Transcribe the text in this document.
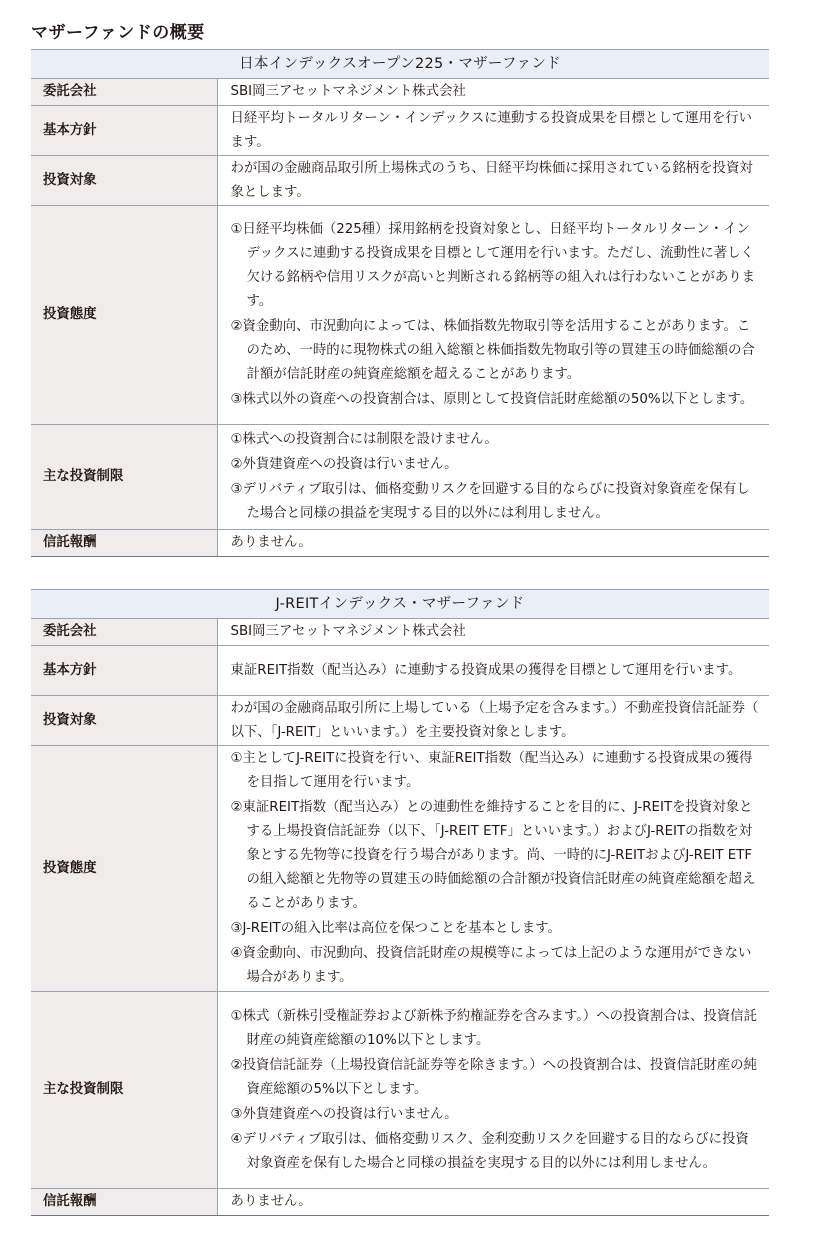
マザーファンドの概要
日本インデックスオープン225・マザーファンド	
委託会社	SBI岡三アセットマネジメント株式会社
基本方針	日経平均トータルリターン・インデックスに連動する投資成果を目標として運用を行います。
投資対象	わが国の金融商品取引所上場株式のうち、日経平均株価に採用されている銘柄を投資対象とします。
投資態度	①日経平均株価（225種）採用銘柄を投資対象とし、日経平均トータルリターン・インデックスに連動する投資成果を目標として運用を行います。ただし、流動性に著しく欠ける銘柄や信用リスクが高いと判断される銘柄等の組入れは行わないことがあります。
②資金動向、市況動向によっては、株価指数先物取引等を活用することがあります。このため、一時的に現物株式の組入総額と株価指数先物取引等の買建玉の時価総額の合計額が信託財産の純資産総額を超えることがあります。
③株式以外の資産への投資割合は、原則として投資信託財産総額の50%以下とします。

主な投資制限	①株式への投資割合には制限を設けません。
②外貨建資産への投資は行いません。
③デリバティブ取引は、価格変動リスクを回避する目的ならびに投資対象資産を保有した場合と同様の損益を実現する目的以外には利用しません。

信託報酬	ありません。
J-REITインデックス・マザーファンド	
委託会社	SBI岡三アセットマネジメント株式会社
基本方針	東証REIT指数（配当込み）に連動する投資成果の獲得を目標として運用を行います。
投資対象	わが国の金融商品取引所に上場している（上場予定を含みます。）不動産投資信託証券（以下、「J-REIT」といいます。）を主要投資対象とします。
投資態度	①主としてJ-REITに投資を行い、東証REIT指数（配当込み）に連動する投資成果の獲得を目指して運用を行います。
②東証REIT指数（配当込み）との連動性を維持することを目的に、J-REITを投資対象とする上場投資信託証券（以下、「J-REIT ETF」といいます。）およびJ-REITの指数を対象とする先物等に投資を行う場合があります。尚、一時的にJ-REITおよびJ-REIT ETFの組入総額と先物等の買建玉の時価総額の合計額が投資信託財産の純資産総額を超えることがあります。
③J-REITの組入比率は高位を保つことを基本とします。
④資金動向、市況動向、投資信託財産の規模等によっては上記のような運用ができない場合があります。

主な投資制限	①株式（新株引受権証券および新株予約権証券を含みます。）への投資割合は、投資信託財産の純資産総額の10%以下とします。
②投資信託証券（上場投資信託証券等を除きます。）への投資割合は、投資信託財産の純資産総額の5%以下とします。
③外貨建資産への投資は行いません。
④デリバティブ取引は、価格変動リスク、金利変動リスクを回避する目的ならびに投資対象資産を保有した場合と同様の損益を実現する目的以外には利用しません。

信託報酬	ありません。
